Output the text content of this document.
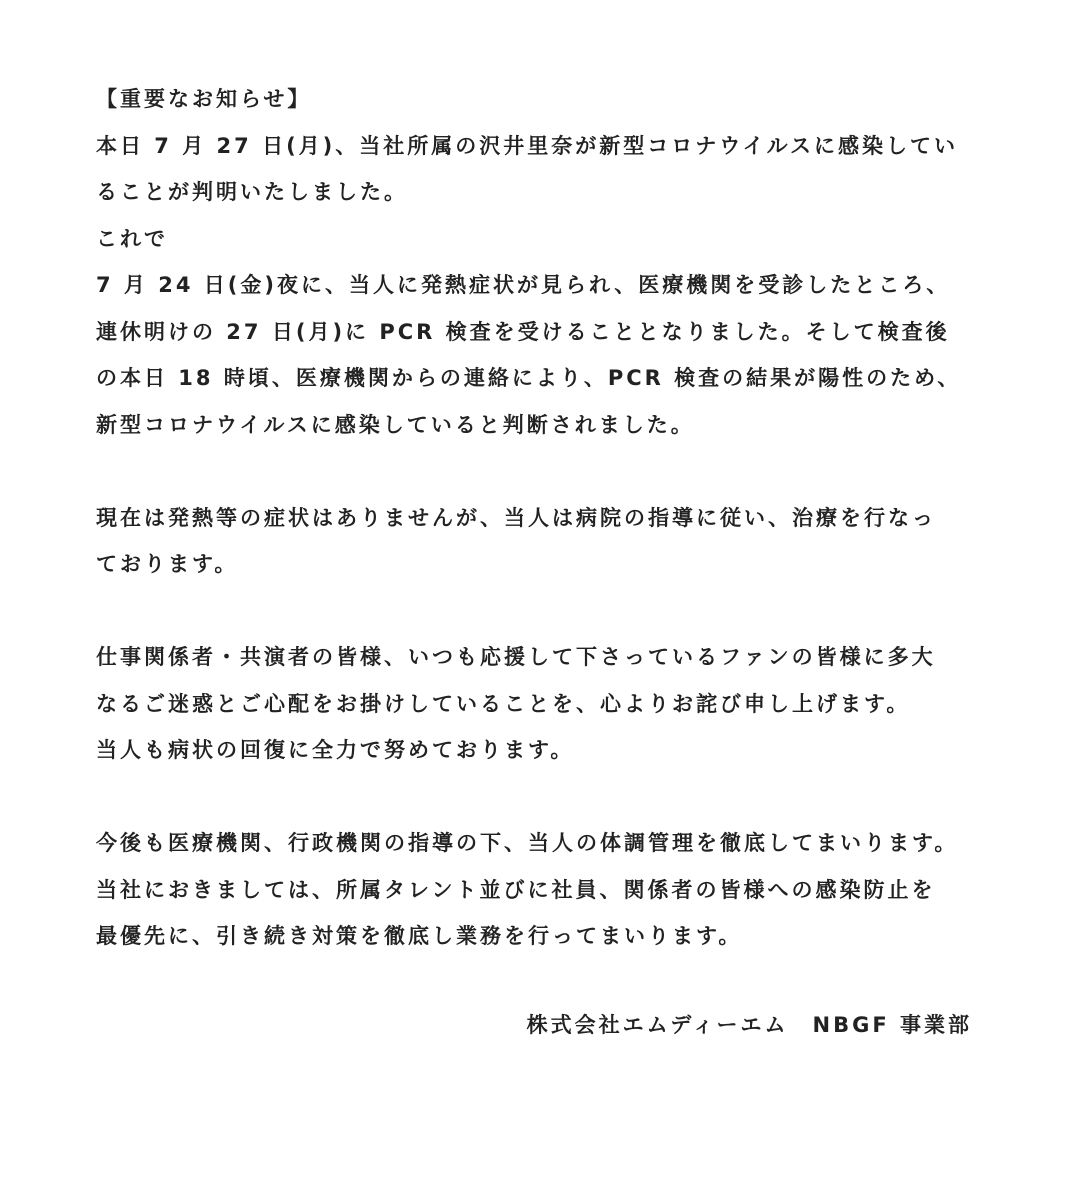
【重要なお知らせ】
本日 7 月 27 日(月)、当社所属の沢井里奈が新型コロナウイルスに感染してい
ることが判明いたしました。
これで
7 月 24 日(金)夜に、当人に発熱症状が見られ、医療機関を受診したところ、
連休明けの 27 日(月)に PCR 検査を受けることとなりました。そして検査後
の本日 18 時頃、医療機関からの連絡により、PCR 検査の結果が陽性のため、
新型コロナウイルスに感染していると判断されました。
現在は発熱等の症状はありませんが、当人は病院の指導に従い、治療を行なっ
ております。
仕事関係者・共演者の皆様、いつも応援して下さっているファンの皆様に多大
なるご迷惑とご心配をお掛けしていることを、心よりお詫び申し上げます。
当人も病状の回復に全力で努めております。
今後も医療機関、行政機関の指導の下、当人の体調管理を徹底してまいります。
当社におきましては、所属タレント並びに社員、関係者の皆様への感染防止を
最優先に、引き続き対策を徹底し業務を行ってまいります。
株式会社エムディーエム　NBGF 事業部
